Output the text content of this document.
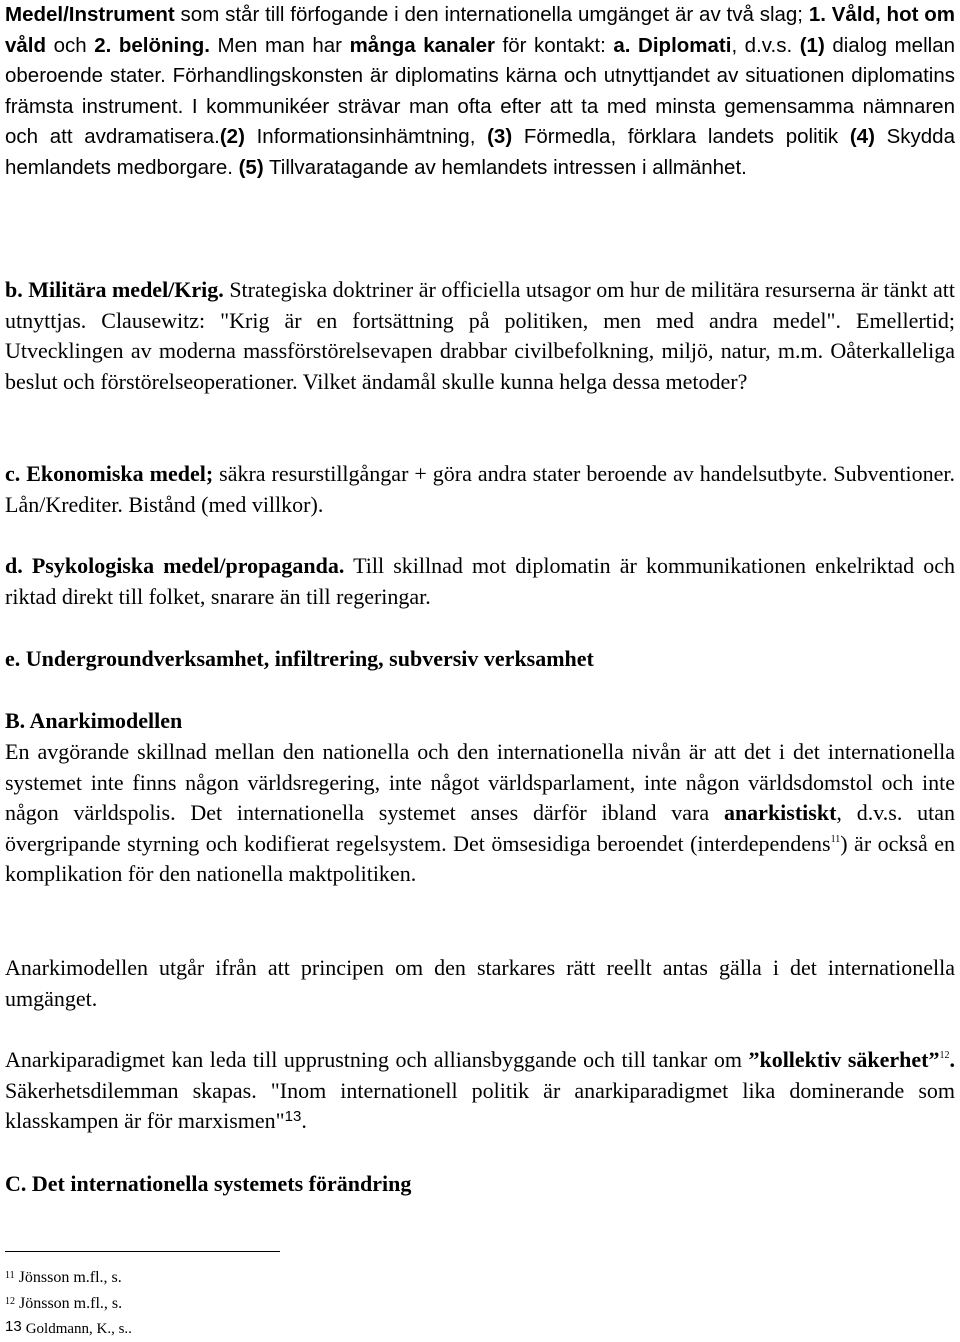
Medel/Instrument som står till förfogande i den internationella umgänget är av två slag; 1. Våld, hot om våld och 2. belöning. Men man har många kanaler för kontakt: a. Diplomati, d.v.s. (1) dialog mellan oberoende stater. Förhandlingskonsten är diplomatins kärna och utnyttjandet av situationen diplomatins främsta instrument. I kommunikéer strävar man ofta efter att ta med minsta gemensamma nämnaren och att avdramatisera.(2) Informationsinhämtning, (3) Förmedla, förklara landets politik (4) Skydda hemlandets medborgare. (5) Tillvaratagande av hemlandets intressen i allmänhet.

b. Militära medel/Krig. Strategiska doktriner är officiella utsagor om hur de militära resurserna är tänkt att utnyttjas. Clausewitz: "Krig är en fortsättning på politiken, men med andra medel". Emellertid; Utvecklingen av moderna massförstörelsevapen drabbar civilbefolkning, miljö, natur, m.m. Oåterkalleliga beslut och förstörelseoperationer. Vilket ändamål skulle kunna helga dessa metoder?

c. Ekonomiska medel; säkra resurstillgångar + göra andra stater beroende av handelsutbyte. Subventioner. Lån/Krediter. Bistånd (med villkor).

d. Psykologiska medel/propaganda. Till skillnad mot diplomatin är kommunikationen enkelriktad och riktad direkt till folket, snarare än till regeringar.

e. Undergroundverksamhet, infiltrering, subversiv verksamhet

B. Anarkimodellen

En avgörande skillnad mellan den nationella och den internationella nivån är att det i det internationella systemet inte finns någon världsregering, inte något världsparlament, inte någon världsdomstol och inte någon världspolis. Det internationella systemet anses därför ibland vara anarkistiskt, d.v.s. utan övergripande styrning och kodifierat regelsystem. Det ömsesidiga beroendet (interdependens$^{11}$) är också en komplikation för den nationella maktpolitiken.

Anarkimodellen utgår ifrån att principen om den starkares rätt reellt antas gälla i det internationella umgänget.

Anarkiparadigmet kan leda till upprustning och alliansbyggande och till tankar om ”kollektiv säkerhet”$^{12}$. Säkerhetsdilemman skapas. "Inom internationell politik är anarkiparadigmet lika dominerande som klasskampen är för marxismen"$^{13}$.

C. Det internationella systemets förändring
$^{11}$ Jönsson m.fl., s.
$^{12}$ Jönsson m.fl., s.
13 Goldmann, K., s..
